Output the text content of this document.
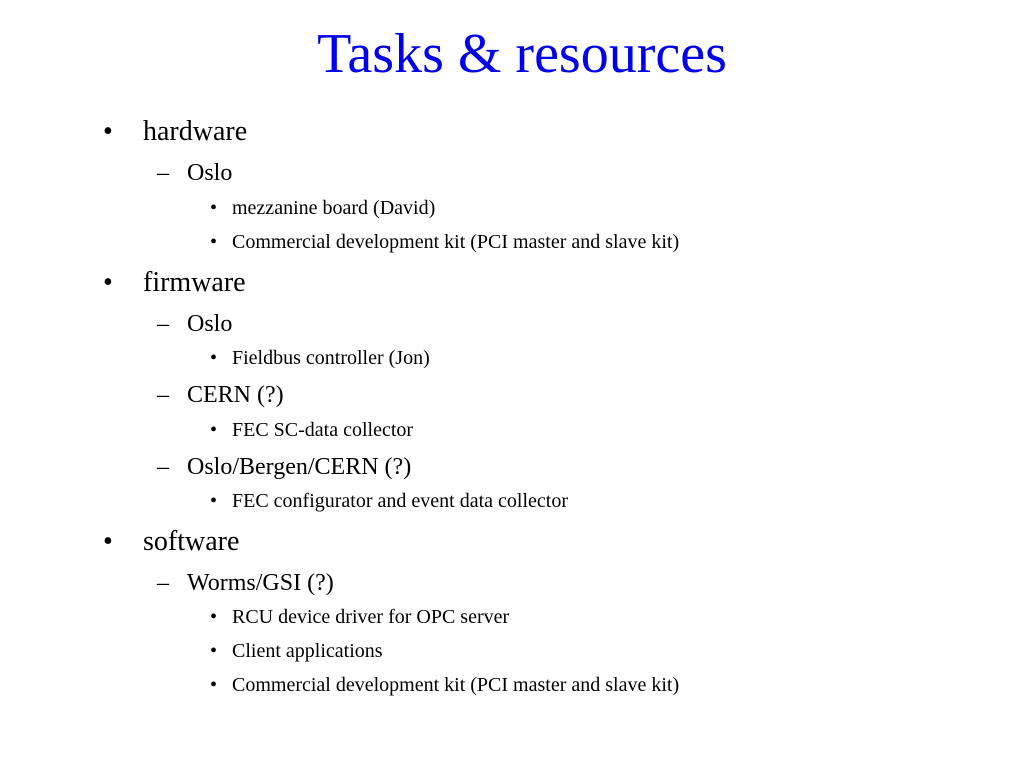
Tasks & resources
• hardware
– Oslo
• mezzanine board (David)
• Commercial development kit (PCI master and slave kit)
• firmware
– Oslo
• Fieldbus controller (Jon)
– CERN (?)
• FEC SC-data collector
– Oslo/Bergen/CERN (?)
• FEC configurator and event data collector
• software
– Worms/GSI (?)
• RCU device driver for OPC server
• Client applications
• Commercial development kit (PCI master and slave kit)
